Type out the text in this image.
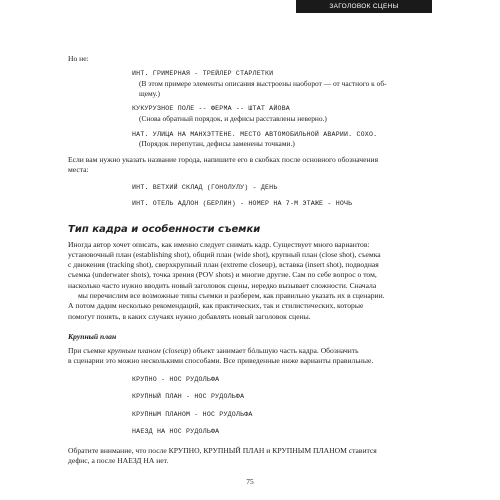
ЗАГОЛОВОК СЦЕНЫ

Но не:

ИНТ. ГРИМЕРНАЯ - ТРЕЙЛЕР СТАРЛЕТКИ

(В этом примере элементы описания выстроены наоборот — от частного к об-

щему.)

КУКУРУЗНОЕ ПОЛЕ -- ФЕРМА -- ШТАТ АЙОВА

(Снова обратный порядок, и дефисы расставлены неверно.)

НАТ. УЛИЦА НА МАНХЭТТЕНЕ. МЕСТО АВТОМОБИЛЬНОЙ АВАРИИ. СОХО.

(Порядок перепутан, дефисы заменены точками.)

Если вам нужно указать название города, напишите его в скобках после основного обозначения

места:

ИНТ. ВЕТХИЙ СКЛАД (ГОНОЛУЛУ) - ДЕНЬ

ИНТ. ОТЕЛЬ АДЛОН (БЕРЛИН) - НОМЕР НА 7-М ЭТАЖЕ - НОЧЬ

Тип кадра и особенности съемки

Иногда автор хочет описать, как именно следует снимать кадр. Существует много вариантов:

установочный план (establishing shot), общий план (wide shot), крупный план (close shot), съемка

с движения (tracking shot), сверхкрупный план (extreme closeup), вставка (insert shot), подводная

съемка (underwater shots), точка зрения (POV shots) и многие другие. Сам по себе вопрос о том,

насколько часто нужно вводить новый заголовок сцены, нередко вызывает сложности. Сначала

мы перечислим все возможные типы съемки и разберем, как правильно указать их в сценарии.

А потом дадим несколько рекомендаций, как практических, так и стилистических, которые

помогут понять, в каких случаях нужно добавлять новый заголовок сцены.

Крупный план

При съемке крупным планом (closeup) объект занимает бóльшую часть кадра. Обозначить

в сценарии это можно несколькими способами. Все приведенные ниже варианты правильные.

КРУПНО - НОС РУДОЛЬФА

КРУПНЫЙ ПЛАН - НОС РУДОЛЬФА

КРУПНЫМ ПЛАНОМ - НОС РУДОЛЬФА

НАЕЗД НА НОС РУДОЛЬФА

Обратите внимание, что после КРУПНО, КРУПНЫЙ ПЛАН и КРУПНЫМ ПЛАНОМ ставится

дефис, а после НАЕЗД НА нет.

75
